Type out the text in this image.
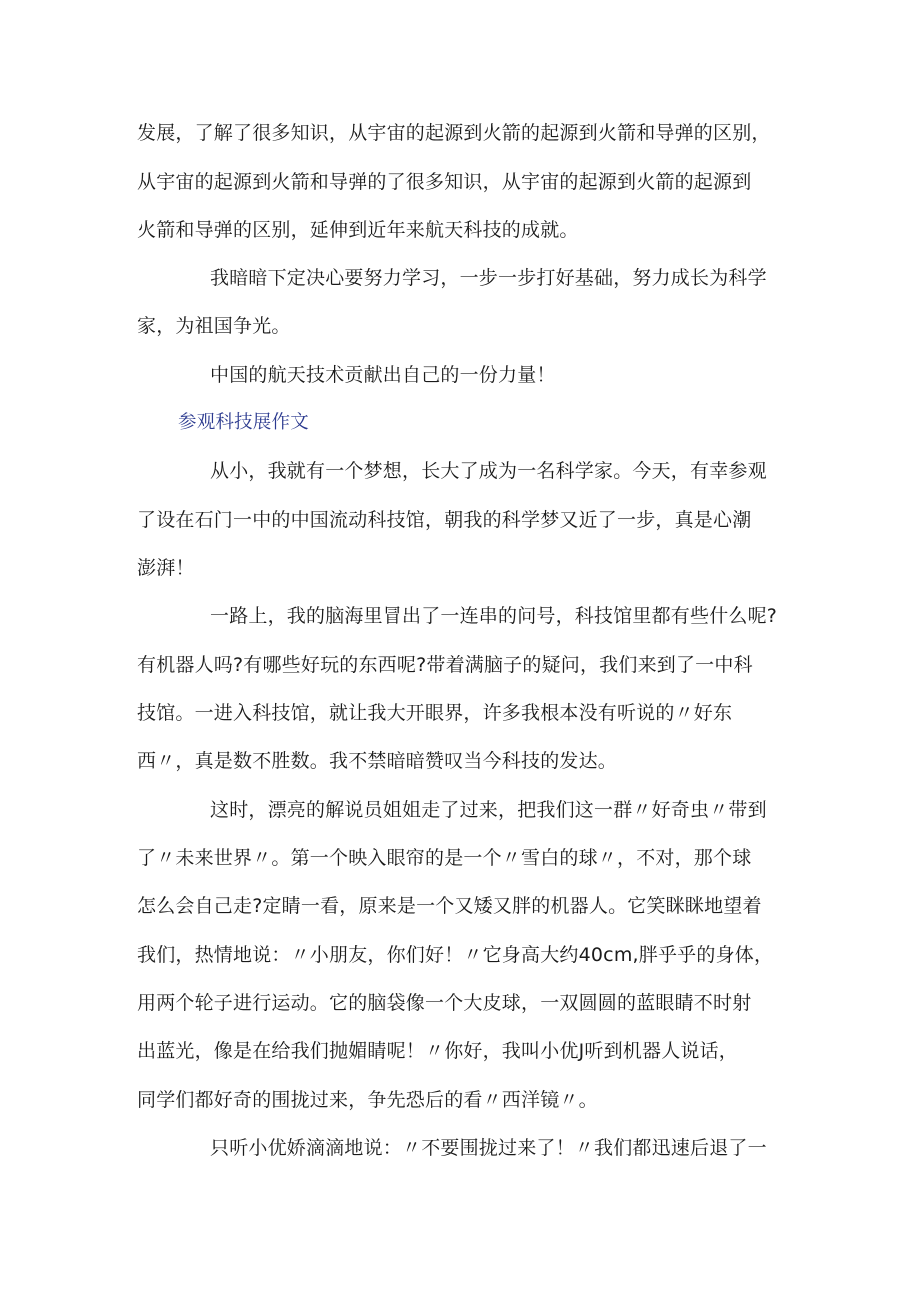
发展，了解了很多知识，从宇宙的起源到火箭的起源到火箭和导弹的区别，

从宇宙的起源到火箭和导弹的了很多知识，从宇宙的起源到火箭的起源到

火箭和导弹的区别，延伸到近年来航天科技的成就。

我暗暗下定决心要努力学习，一步一步打好基础，努力成长为科学

家，为祖国争光。

中国的航天技术贡献出自己的一份力量！

参观科技展作文

从小，我就有一个梦想，长大了成为一名科学家。今天，有幸参观

了设在石门一中的中国流动科技馆，朝我的科学梦又近了一步，真是心潮

澎湃！

一路上，我的脑海里冒出了一连串的问号，科技馆里都有些什么呢?

有机器人吗?有哪些好玩的东西呢?带着满脑子的疑问，我们来到了一中科

技馆。一进入科技馆，就让我大开眼界，许多我根本没有听说的〃好东

西〃，真是数不胜数。我不禁暗暗赞叹当今科技的发达。

这时，漂亮的解说员姐姐走了过来，把我们这一群〃好奇虫〃带到

了〃未来世界〃。第一个映入眼帘的是一个〃雪白的球〃，不对，那个球

怎么会自己走?定睛一看，原来是一个又矮又胖的机器人。它笑眯眯地望着

我们，热情地说：〃小朋友，你们好！〃它身高大约40cm,胖乎乎的身体，

用两个轮子进行运动。它的脑袋像一个大皮球，一双圆圆的蓝眼睛不时射

出蓝光，像是在给我们抛媚睛呢！〃你好，我叫小优J听到机器人说话，

同学们都好奇的围拢过来，争先恐后的看〃西洋镜〃。

只听小优娇滴滴地说：〃不要围拢过来了！〃我们都迅速后退了一
